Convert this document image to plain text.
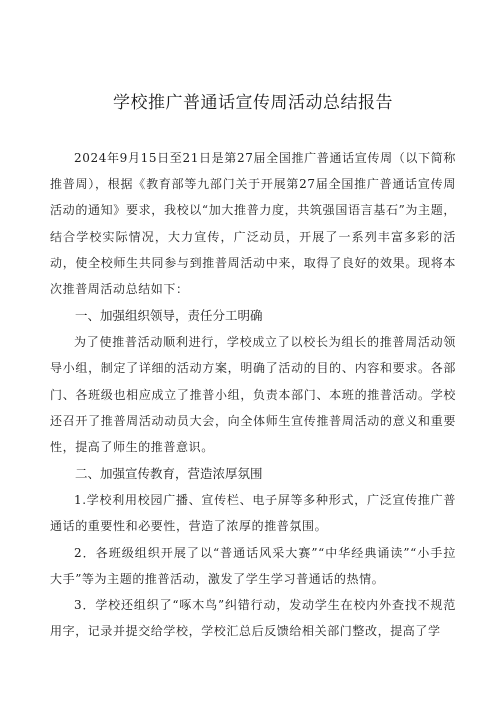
学校推广普通话宣传周活动总结报告

2024年9月15日至21日是第27届全国推广普通话宣传周（以下简称推普周），根据《教育部等九部门关于开展第27届全国推广普通话宣传周活动的通知》要求，我校以“加大推普力度，共筑强国语言基石”为主题，结合学校实际情况，大力宣传，广泛动员，开展了一系列丰富多彩的活动，使全校师生共同参与到推普周活动中来，取得了良好的效果。现将本次推普周活动总结如下：

一、加强组织领导，责任分工明确

为了使推普活动顺利进行，学校成立了以校长为组长的推普周活动领导小组，制定了详细的活动方案，明确了活动的目的、内容和要求。各部门、各班级也相应成立了推普小组，负责本部门、本班的推普活动。学校还召开了推普周活动动员大会，向全体师生宣传推普周活动的意义和重要性，提高了师生的推普意识。

二、加强宣传教育，营造浓厚氛围

1.学校利用校园广播、宣传栏、电子屏等多种形式，广泛宣传推广普通话的重要性和必要性，营造了浓厚的推普氛围。

2．各班级组织开展了以“普通话风采大赛”“中华经典诵读”“小手拉大手”等为主题的推普活动，激发了学生学习普通话的热情。

3．学校还组织了“啄木鸟”纠错行动，发动学生在校内外查找不规范用字，记录并提交给学校，学校汇总后反馈给相关部门整改，提高了学
